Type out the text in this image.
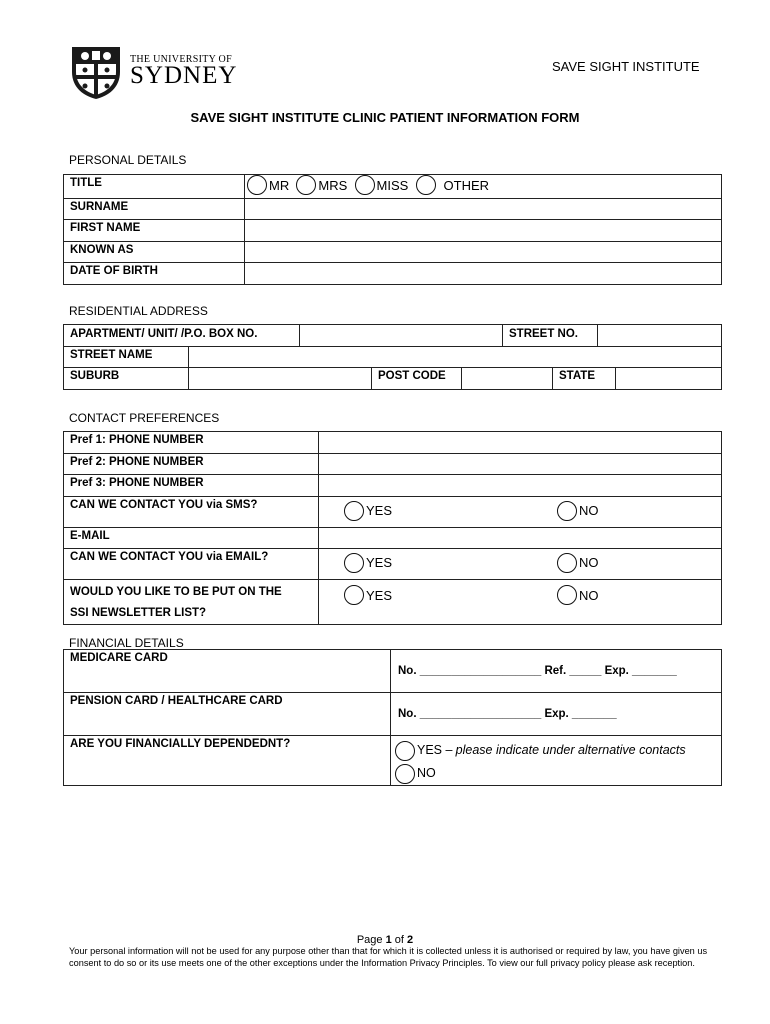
THE UNIVERSITY OF
SYDNEY	SAVE SIGHT INSTITUTE
SAVE SIGHT INSTITUTE CLINIC PATIENT INFORMATION FORM
PERSONAL DETAILS
TITLE	MR
MRS
MISS
OTHER

SURNAME	
FIRST NAME	
KNOWN AS	
DATE OF BIRTH	
RESIDENTIAL ADDRESS
APARTMENT/ UNIT/ /P.O. BOX NO.		STREET NO.	
STREET NAME	
SUBURB		POST CODE		STATE	
CONTACT PREFERENCES
Pref 1: PHONE NUMBER		
Pref 2: PHONE NUMBER		
Pref 3: PHONE NUMBER		
CAN WE CONTACT YOU via SMS?	YES	NO

E-MAIL		
CAN WE CONTACT YOU via EMAIL?	YES	NO

WOULD YOU LIKE TO BE PUT ON THE
SSI NEWSLETTER LIST?	YES	NO
FINANCIAL DETAILS
MEDICARE CARD	No. ___________________ Ref. _____ Exp. _______
PENSION CARD / HEALTHCARE CARD	No. ___________________ Exp. _______
ARE YOU FINANCIALLY DEPENDEDNT?	YES – please indicate under alternative contacts
NO
Page 1 of 2
Your personal information will not be used for any purpose other than that for which it is collected unless it is authorised or required by law, you have given us consent to do so or its use meets one of the other exceptions under the Information Privacy Principles. To view our full privacy policy please ask reception.
